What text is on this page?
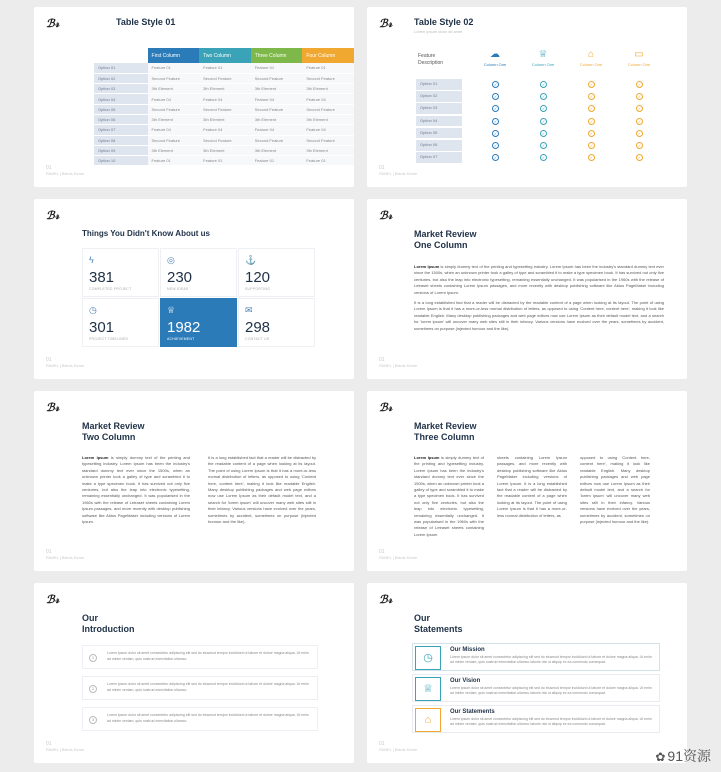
ℬ𝓇	Table Style 01
	First Column	Two Column	Three Column	Four Column
Option 01	Feature 01	Feature 01	Feature 01	Feature 01
Option 02	Second Feature	Second Feature	Second Feature	Second Feature
Option 03	3th Element	3th Element	3th Element	3th Element
Option 04	Feature 04	Feature 04	Feature 04	Feature 04
Option 05	Second Feature	Second Feature	Second Feature	Second Feature
Option 06	3th Element	3th Element	3th Element	3th Element
Option 07	Feature 04	Feature 04	Feature 04	Feature 04
Option 08	Second Feature	Second Feature	Second Feature	Second Feature
Option 09	3th Element	3th Element	3th Element	3th Element
Option 10	Feature 01	Feature 01	Feature 01	Feature 01
01
PANEL | Bisnis Keren
ℬ𝓇 Table Style 02
Lorem ipsum dolor sit amet
Feature Description
☁
Column One
♕
Column One
⌂
Column One
▭
Column One
Option 01	✓	✓	✓	✓
Option 02	✓	✓	✓	✓
Option 03	✓	✓	✓	✓
Option 04	✓	✓	✓	✓
Option 05	✓	✓	✓	✓
Option 06	✓	✓	✓	✓
Option 07	✓	✓	✓	✓
01
PANEL | Bisnis Keren
ℬ𝓇
Things You Didn't Know About us
ϟ
381
COMPLETED PROJECT
◎
230
NEW IDEAS
⚓
120
SUPPORTING
◷
301
PROJECT TIMELINES
♕
1982
ACHIEVEMENT
✉
298
CONTACT US
01
PANEL | Bisnis Keren
ℬ𝓇
Market Review
One Column
Lorem Ipsum is simply dummy text of the printing and typesetting industry. Lorem Ipsum has been the industry's standard dummy text ever since the 1500s, when an unknown printer took a galley of type and scrambled it to make a type specimen book. It has survived not only five centuries, but also the leap into electronic typesetting, remaining essentially unchanged. It was popularised in the 1960s with the release of Letraset sheets containing Lorem Ipsum passages, and more recently with desktop publishing software like Aldus PageMaker including versions of Lorem Ipsum.
It is a long established fact that a reader will be distracted by the readable content of a page when looking at its layout. The point of using Lorem Ipsum is that it has a more-or-less normal distribution of letters, as opposed to using 'Content here, content here', making it look like readable English. Many desktop publishing packages and web page editors now use Lorem Ipsum as their default model text, and a search for 'lorem ipsum' will uncover many web sites still in their infancy. Various versions have evolved over the years, sometimes by accident, sometimes on purpose (injected humour and the like).
01
PANEL | Bisnis Keren
ℬ𝓇
Market Review
Two Column
Lorem Ipsum is simply dummy text of the printing and typesetting industry. Lorem Ipsum has been the industry's standard dummy text ever since the 1500s, when an unknown printer took a galley of type and scrambled it to make a type specimen book. It has survived not only five centuries, but also the leap into electronic typesetting, remaining essentially unchanged. It was popularised in the 1960s with the release of Letraset sheets containing Lorem Ipsum passages, and more recently with desktop publishing software like Aldus PageMaker including versions of Lorem Ipsum.
It is a long established fact that a reader will be distracted by the readable content of a page when looking at its layout. The point of using Lorem Ipsum is that it has a more-or-less normal distribution of letters, as opposed to using 'Content here, content here', making it look like readable English. Many desktop publishing packages and web page editors now use Lorem Ipsum as their default model text, and a search for 'lorem ipsum' will uncover many web sites still in their infancy. Various versions have evolved over the years, sometimes by accident, sometimes on purpose (injected humour and the like).
01
PANEL | Bisnis Keren
ℬ𝓇
Market Review
Three Column
Lorem Ipsum is simply dummy text of the printing and typesetting industry. Lorem Ipsum has been the industry's standard dummy text ever since the 1500s, when an unknown printer took a galley of type and scrambled it to make a type specimen book. It has survived not only five centuries, but also the leap into electronic typesetting, remaining essentially unchanged. It was popularised in the 1960s with the release of Letraset sheets containing Lorem Ipsum
sheets containing Lorem Ipsum passages, and more recently with desktop publishing software like Aldus PageMaker including versions of Lorem Ipsum. It is a long established fact that a reader will be distracted by the readable content of a page when looking at its layout. The point of using Lorem Ipsum is that it has a more-or-less normal distribution of letters, as
opposed to using 'Content here, content here', making it look like readable English. Many desktop publishing packages and web page editors now use Lorem Ipsum as their default model text, and a search for 'lorem ipsum' will uncover many web sites still in their infancy. Various versions have evolved over the years, sometimes by accident, sometimes on purpose (injected humour and the like).
01
PANEL | Bisnis Keren
ℬ𝓇
Our
Introduction
1
Lorem ipsum dolor sit amet consectetur adipiscing elit sed do eiusmod tempor incididunt ut labore et dolore magna aliqua. Ut enim ad minim veniam, quis nostrud exercitation ullamco.
2
Lorem ipsum dolor sit amet consectetur adipiscing elit sed do eiusmod tempor incididunt ut labore et dolore magna aliqua. Ut enim ad minim veniam, quis nostrud exercitation ullamco.
3
Lorem ipsum dolor sit amet consectetur adipiscing elit sed do eiusmod tempor incididunt ut labore et dolore magna aliqua. Ut enim ad minim veniam, quis nostrud exercitation ullamco.
01
PANEL | Bisnis Keren
ℬ𝓇
Our
Statements
◷
Our Mission
Lorem ipsum dolor sit amet consectetur adipiscing elit sed do eiusmod tempor incididunt ut labore et dolore magna aliqua. Ut enim ad minim veniam, quis nostrud exercitation ullamco laboris nisi ut aliquip ex ea commodo consequat.
♕
Our Vision
Lorem ipsum dolor sit amet consectetur adipiscing elit sed do eiusmod tempor incididunt ut labore et dolore magna aliqua. Ut enim ad minim veniam, quis nostrud exercitation ullamco laboris nisi ut aliquip ex ea commodo consequat.
⌂
Our Statements
Lorem ipsum dolor sit amet consectetur adipiscing elit sed do eiusmod tempor incididunt ut labore et dolore magna aliqua. Ut enim ad minim veniam, quis nostrud exercitation ullamco laboris nisi ut aliquip ex ea commodo consequat.
01
PANEL | Bisnis Keren
✿ 91资源
